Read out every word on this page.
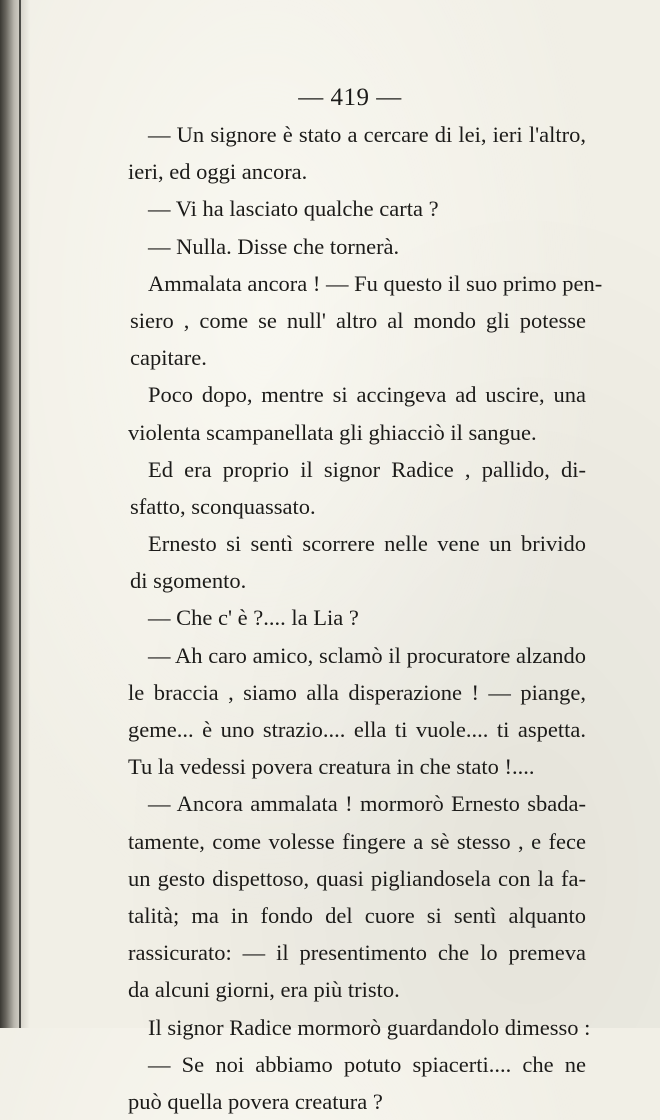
— 419 —
— Un signore è stato a cercare di lei, ieri l'altro,
ieri, ed oggi ancora.
— Vi ha lasciato qualche carta ?
— Nulla. Disse che tornerà.
Ammalata ancora ! — Fu questo il suo primo pen-
siero , come se null' altro al mondo gli potesse
capitare.
Poco dopo, mentre si accingeva ad uscire, una
violenta scampanellata gli ghiacciò il sangue.
Ed era proprio il signor Radice , pallido, di-
sfatto, sconquassato.
Ernesto si sentì scorrere nelle vene un brivido
di sgomento.
— Che c' è ?.... la Lia ?
— Ah caro amico, sclamò il procuratore alzando
le braccia , siamo alla disperazione ! — piange,
geme... è uno strazio.... ella ti vuole.... ti aspetta.
Tu la vedessi povera creatura in che stato !....
— Ancora ammalata ! mormorò Ernesto sbada-
tamente, come volesse fingere a sè stesso , e fece
un gesto dispettoso, quasi pigliandosela con la fa-
talità; ma in fondo del cuore si sentì alquanto
rassicurato: — il presentimento che lo premeva
da alcuni giorni, era più tristo.
Il signor Radice mormorò guardandolo dimesso :
— Se noi abbiamo potuto spiacerti.... che ne
può quella povera creatura ?
